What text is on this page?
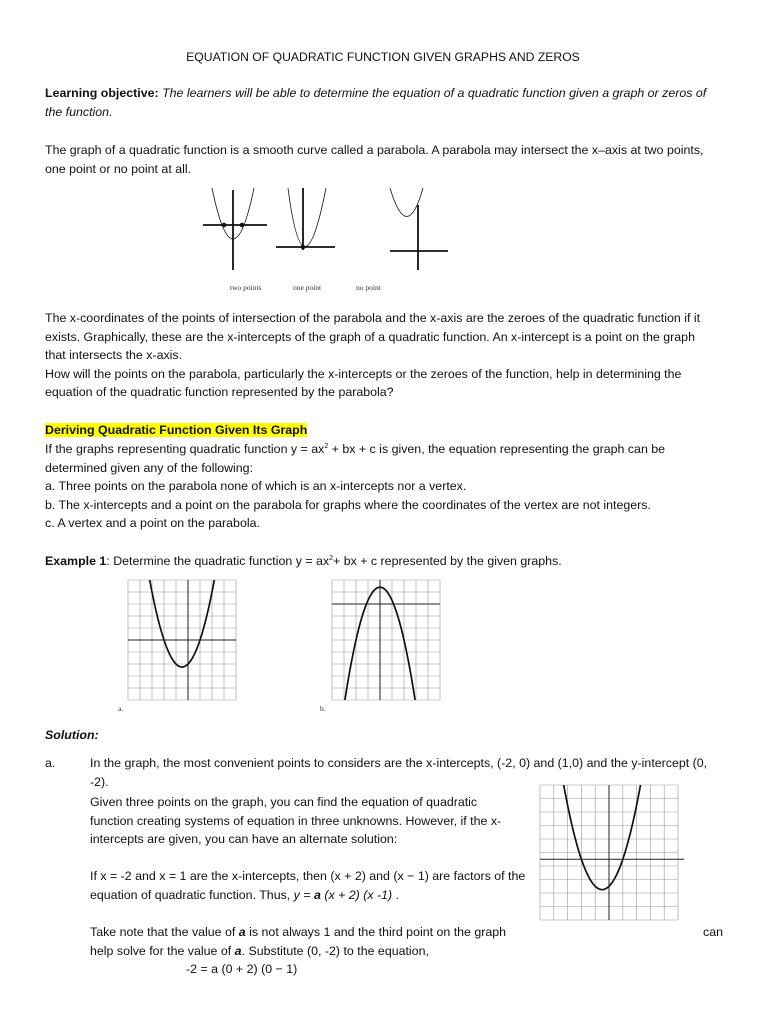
EQUATION OF QUADRATIC FUNCTION GIVEN GRAPHS AND ZEROS
Learning objective: The learners will be able to determine the equation of a quadratic function given a graph or zeros of the function.
The graph of a quadratic function is a smooth curve called a parabola. A parabola may intersect the x–axis at two points, one point or no point at all.
two points	one point	no point
The x-coordinates of the points of intersection of the parabola and the x-axis are the zeroes of the quadratic function if it
exists. Graphically, these are the x-intercepts of the graph of a quadratic function. An x-intercept is a point on the graph
that intersects the x-axis.
How will the points on the parabola, particularly the x-intercepts or the zeroes of the function, help in determining the
equation of the quadratic function represented by the parabola?
Deriving Quadratic Function Given Its Graph
If the graphs representing quadratic function $y = ax^2$ + bx + c is given, the equation representing the graph can be
determined given any of the following:
a. Three points on the parabola none of which is an x-intercepts nor a vertex.
b. The x-intercepts and a point on the parabola for graphs where the coordinates of the vertex are not integers.
c. A vertex and a point on the parabola.
Example 1: Determine the quadratic function $y = ax^2+$ bx + c represented by the given graphs.
a.	b.
Solution:
a.	In the graph, the most convenient points to considers are the x-intercepts, (-2, 0) and (1,0) and the y-intercept (0,
-2).
Given three points on the graph, you can find the equation of quadratic
function creating systems of equation in three unknowns. However, if the x-
intercepts are given, you can have an alternate solution:
If x = -2 and x = 1 are the x-intercepts, then (x + 2) and (x − 1) are factors of the
equation of quadratic function. Thus, y = a (x + 2) (x -1) .
Take note that the value of a is not always 1 and the third point on the graph	can
help solve for the value of a. Substitute (0, -2) to the equation,
-2 = a (0 + 2) (0 − 1)
